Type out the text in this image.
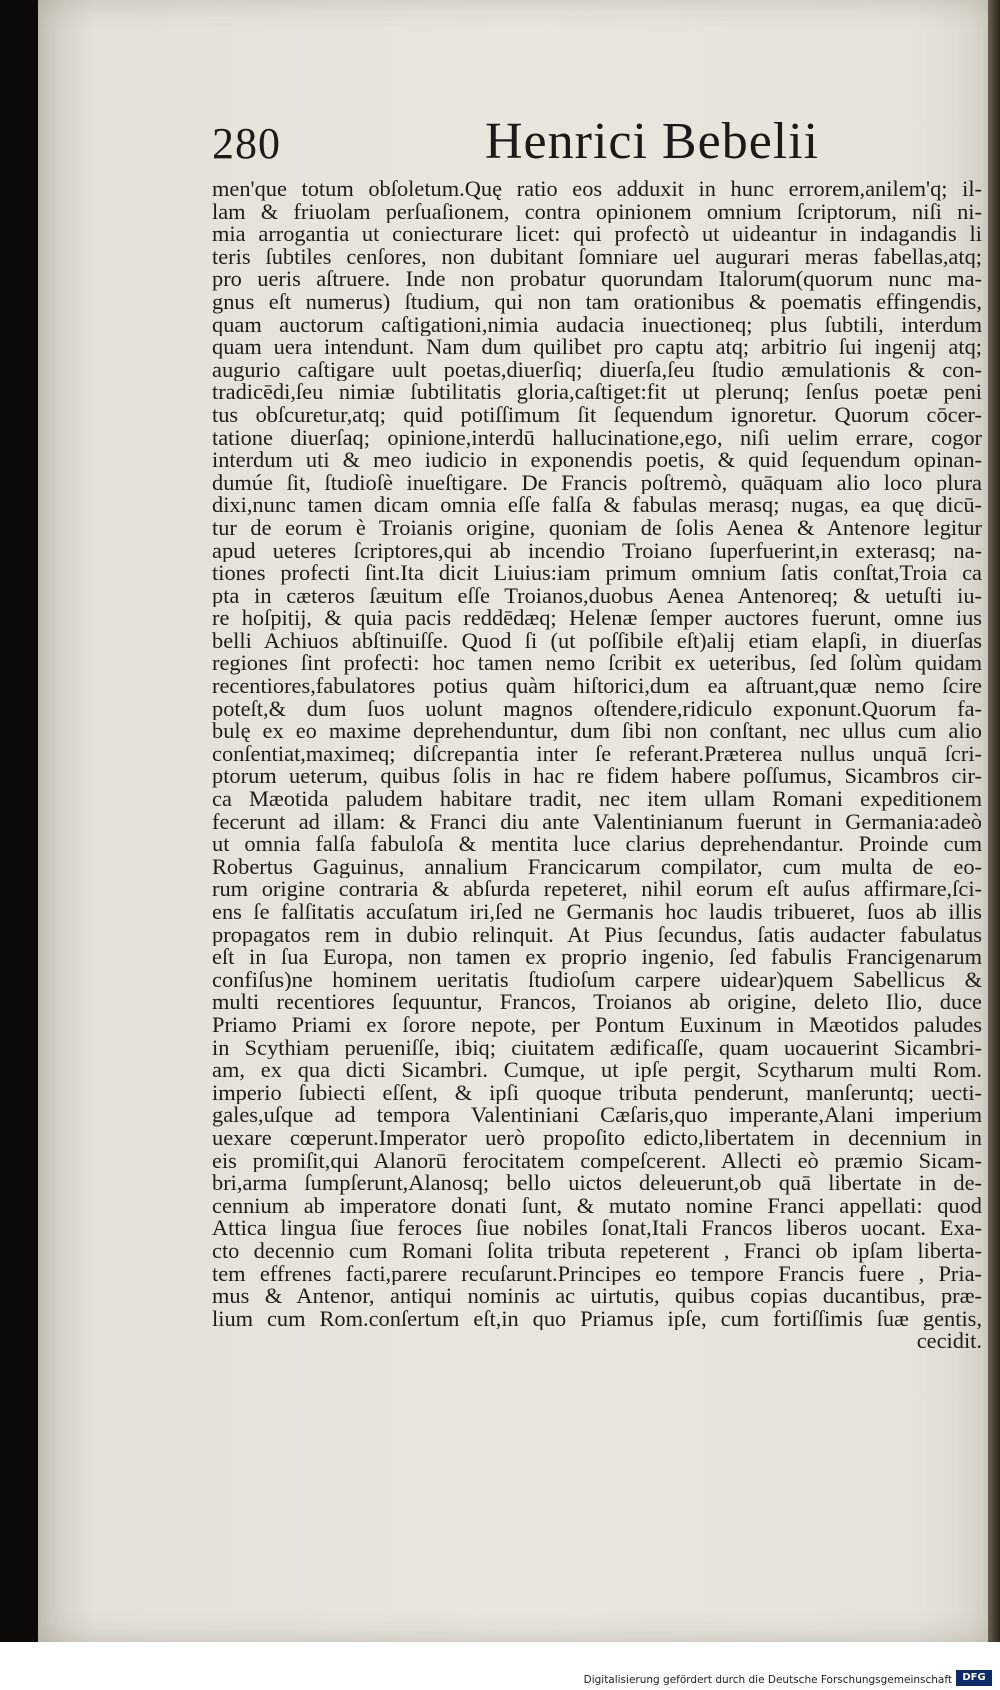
280	Henrici Bebelii
men'que totum obſoletum.Quę ratio eos adduxit in hunc errorem,anilem'q; il-
lam & friuolam perſuaſionem, contra opinionem omnium ſcriptorum, niſi ni-
mia arrogantia ut coniecturare licet: qui profectò ut uideantur in indagandis li
teris ſubtiles cenſores, non dubitant ſomniare uel augurari meras fabellas,atq;
pro ueris aſtruere. Inde non probatur quorundam Italorum(quorum nunc ma-
gnus eſt numerus) ſtudium, qui non tam orationibus & poematis effingendis,
quam auctorum caſtigationi,nimia audacia inuectioneq; plus ſubtili, interdum
quam uera intendunt. Nam dum quilibet pro captu atq; arbitrio ſui ingenij atq;
augurio caſtigare uult poetas,diuerſiq; diuerſa,ſeu ſtudio æmulationis & con-
tradicēdi,ſeu nimiæ ſubtilitatis gloria,caſtiget:fit ut plerunq; ſenſus poetæ peni
tus obſcuretur,atq; quid potiſſimum ſit ſequendum ignoretur. Quorum cōcer-
tatione diuerſaq; opinione,interdū hallucinatione,ego, niſi uelim errare, cogor
interdum uti & meo iudicio in exponendis poetis, & quid ſequendum opinan-
dumúe ſit, ſtudioſè inueſtigare. De Francis poſtremò, quāquam alio loco plura
dixi,nunc tamen dicam omnia eſſe falſa & fabulas merasq; nugas, ea quę dicū-
tur de eorum è Troianis origine, quoniam de ſolis Aenea & Antenore legitur
apud ueteres ſcriptores,qui ab incendio Troiano ſuperfuerint,in exterasq; na-
tiones profecti ſint.Ita dicit Liuius:iam primum omnium ſatis conſtat,Troia ca
pta in cæteros ſæuitum eſſe Troianos,duobus Aenea Antenoreq; & uetuſti iu-
re hoſpitij, & quia pacis reddēdæq; Helenæ ſemper auctores fuerunt, omne ius
belli Achiuos abſtinuiſſe. Quod ſi (ut poſſibile eſt)alij etiam elapſi, in diuerſas
regiones ſint profecti: hoc tamen nemo ſcribit ex ueteribus, ſed ſolùm quidam
recentiores,fabulatores potius quàm hiſtorici,dum ea aſtruant,quæ nemo ſcire
poteſt,& dum ſuos uolunt magnos oſtendere,ridiculo exponunt.Quorum fa-
bulę ex eo maxime deprehenduntur, dum ſibi non conſtant, nec ullus cum alio
conſentiat,maximeq; diſcrepantia inter ſe referant.Præterea nullus unquā ſcri-
ptorum ueterum, quibus ſolis in hac re fidem habere poſſumus, Sicambros cir-
ca Mæotida paludem habitare tradit, nec item ullam Romani expeditionem
fecerunt ad illam: & Franci diu ante Valentinianum fuerunt in Germania:adeò
ut omnia falſa fabuloſa & mentita luce clarius deprehendantur. Proinde cum
Robertus Gaguinus, annalium Francicarum compilator, cum multa de eo-
rum origine contraria & abſurda repeteret, nihil eorum eſt auſus affirmare,ſci-
ens ſe falſitatis accuſatum iri,ſed ne Germanis hoc laudis tribueret, ſuos ab illis
propagatos rem in dubio relinquit. At Pius ſecundus, ſatis audacter fabulatus
eſt in ſua Europa, non tamen ex proprio ingenio, ſed fabulis Francigenarum
confiſus)ne hominem ueritatis ſtudioſum carpere uidear)quem Sabellicus &
multi recentiores ſequuntur, Francos, Troianos ab origine, deleto Ilio, duce
Priamo Priami ex ſorore nepote, per Pontum Euxinum in Mæotidos paludes
in Scythiam perueniſſe, ibiq; ciuitatem ædificaſſe, quam uocauerint Sicambri-
am, ex qua dicti Sicambri. Cumque, ut ipſe pergit, Scytharum multi Rom.
imperio ſubiecti eſſent, & ipſi quoque tributa penderunt, manſeruntq; uecti-
gales,uſque ad tempora Valentiniani Cæſaris,quo imperante,Alani imperium
uexare cœperunt.Imperator uerò propoſito edicto,libertatem in decennium in
eis promiſit,qui Alanorū ferocitatem compeſcerent. Allecti eò præmio Sicam-
bri,arma ſumpſerunt,Alanosq; bello uictos deleuerunt,ob quā libertate in de-
cennium ab imperatore donati ſunt, & mutato nomine Franci appellati: quod
Attica lingua ſiue feroces ſiue nobiles ſonat,Itali Francos liberos uocant. Exa-
cto decennio cum Romani ſolita tributa repeterent , Franci ob ipſam liberta-
tem effrenes facti,parere recuſarunt.Principes eo tempore Francis fuere , Pria-
mus & Antenor, antiqui nominis ac uirtutis, quibus copias ducantibus, præ-
lium cum Rom.conſertum eſt,in quo Priamus ipſe, cum fortiſſimis ſuæ gentis,
cecidit.
Digitalisierung gefördert durch die Deutsche Forschungsgemeinschaft	DFG
